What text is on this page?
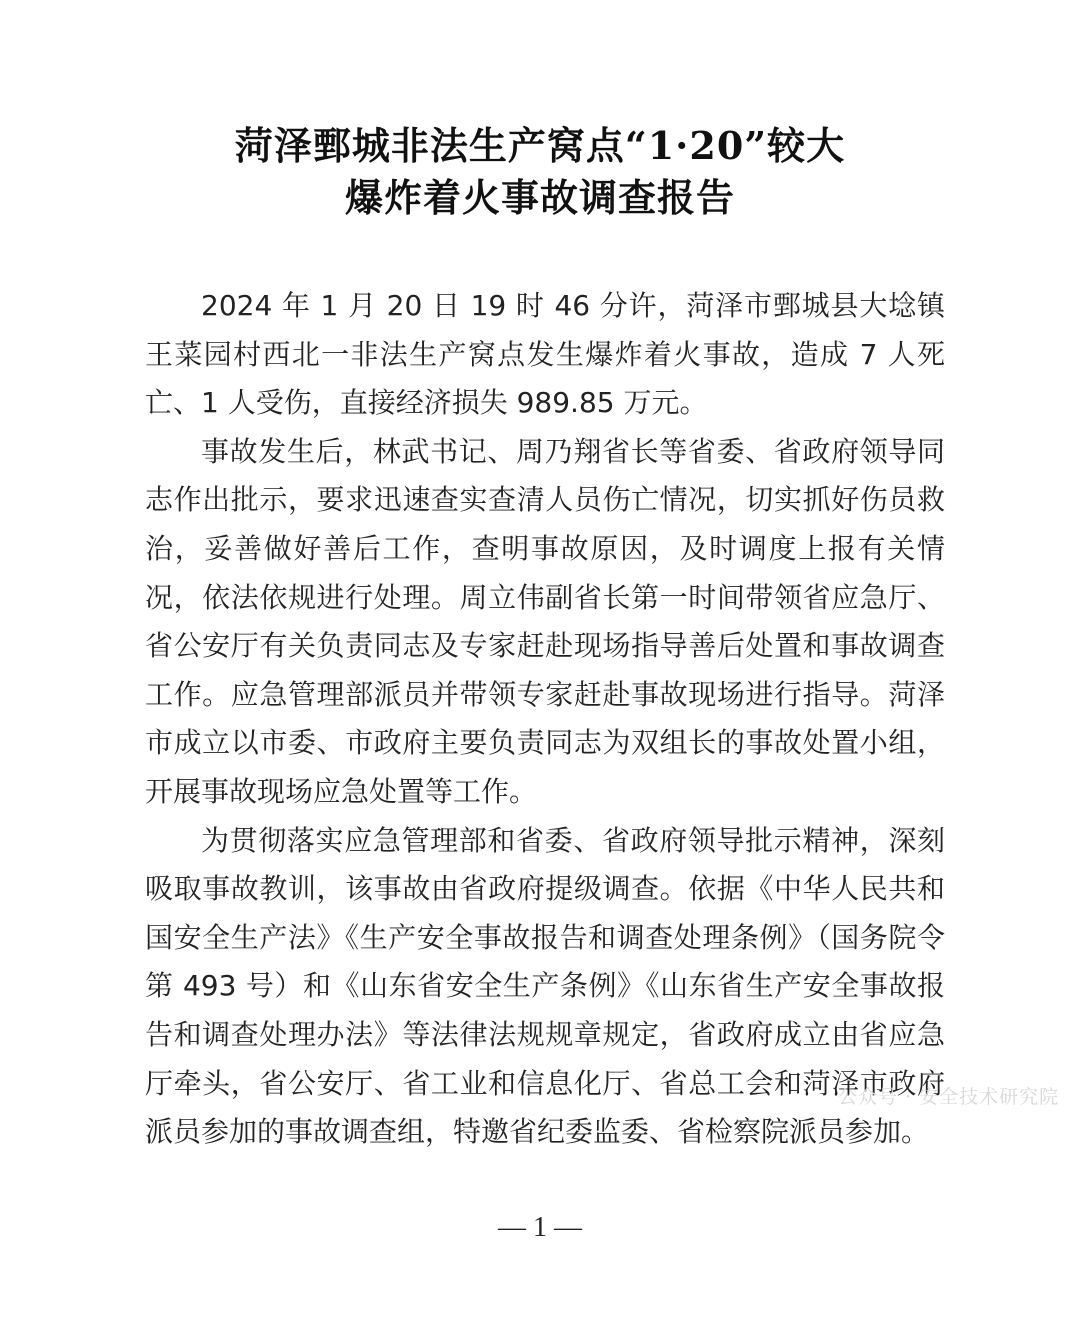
菏泽鄄城非法生产窝点“1·20”较大
爆炸着火事故调查报告

2024 年 1 月 20 日 19 时 46 分许，菏泽市鄄城县大埝镇王菜园村西北一非法生产窝点发生爆炸着火事故，造成 7 人死亡、1 人受伤，直接经济损失 989.85 万元。

事故发生后，林武书记、周乃翔省长等省委、省政府领导同志作出批示，要求迅速查实查清人员伤亡情况，切实抓好伤员救治，妥善做好善后工作，查明事故原因，及时调度上报有关情况，依法依规进行处理。周立伟副省长第一时间带领省应急厅、省公安厅有关负责同志及专家赶赴现场指导善后处置和事故调查工作。应急管理部派员并带领专家赶赴事故现场进行指导。菏泽市成立以市委、市政府主要负责同志为双组长的事故处置小组，开展事故现场应急处置等工作。

为贯彻落实应急管理部和省委、省政府领导批示精神，深刻吸取事故教训，该事故由省政府提级调查。依据《中华人民共和国安全生产法》《生产安全事故报告和调查处理条例》（国务院令第 493 号）和《山东省安全生产条例》《山东省生产安全事故报告和调查处理办法》等法律法规规章规定，省政府成立由省应急厅牵头，省公安厅、省工业和信息化厅、省总工会和菏泽市政府派员参加的事故调查组，特邀省纪委监委、省检察院派员参加。

公众号 · 安全技术研究院
— 1 —
